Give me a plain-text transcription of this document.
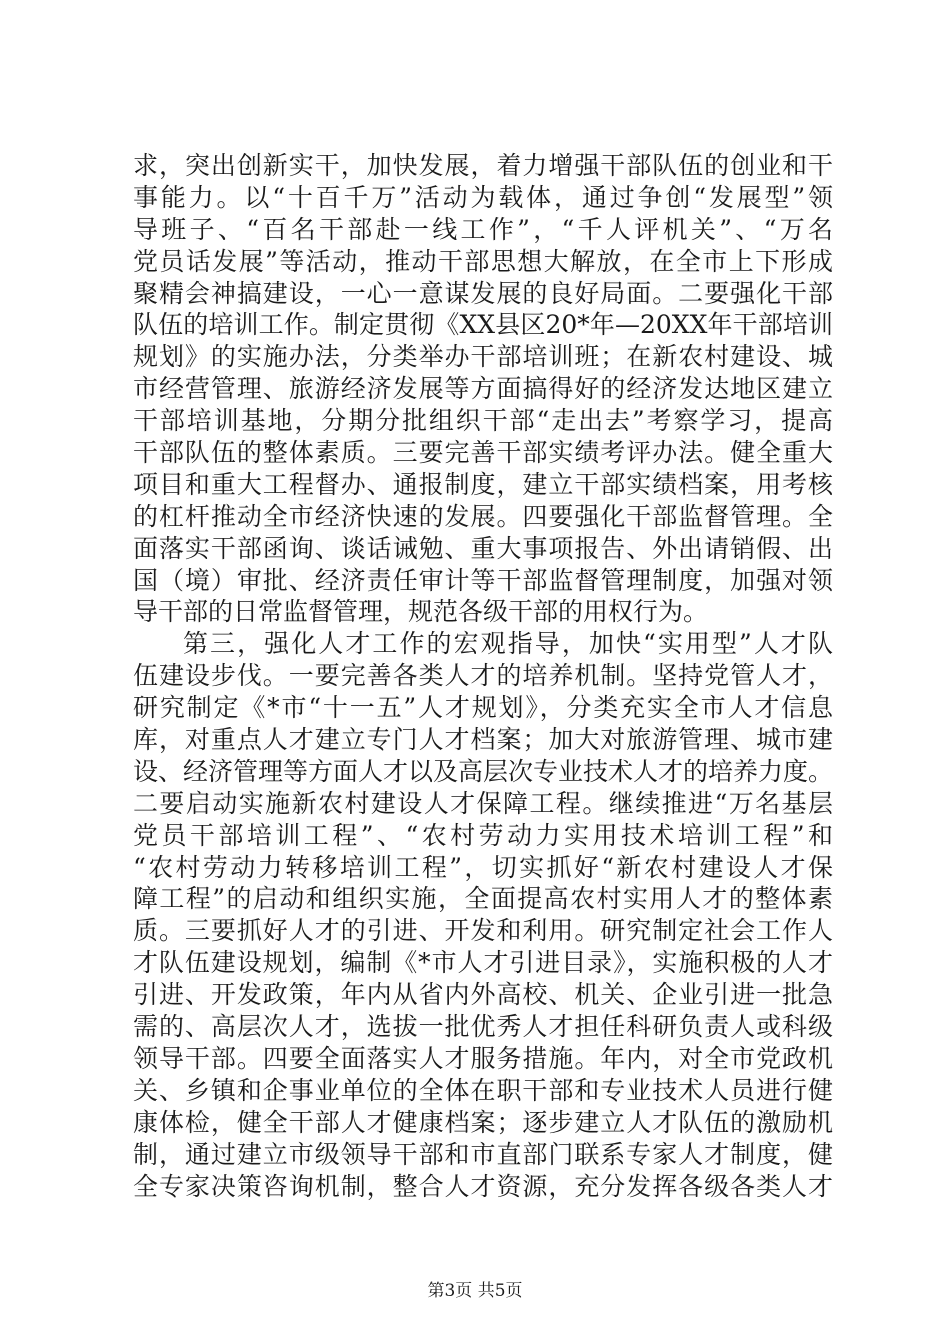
求，突出创新实干，加快发展，着力增强干部队伍的创业和干
事能力。以“十百千万”活动为载体，通过争创“发展型”领
导班子、“百名干部赴一线工作”，“千人评机关”、“万名
党员话发展”等活动，推动干部思想大解放，在全市上下形成
聚精会神搞建设，一心一意谋发展的良好局面。二要强化干部
队伍的培训工作。制定贯彻《XX县区20*年—20XX年干部培训
规划》的实施办法，分类举办干部培训班；在新农村建设、城
市经营管理、旅游经济发展等方面搞得好的经济发达地区建立
干部培训基地，分期分批组织干部“走出去”考察学习，提高
干部队伍的整体素质。三要完善干部实绩考评办法。健全重大
项目和重大工程督办、通报制度，建立干部实绩档案，用考核
的杠杆推动全市经济快速的发展。四要强化干部监督管理。全
面落实干部函询、谈话诫勉、重大事项报告、外出请销假、出
国（境）审批、经济责任审计等干部监督管理制度，加强对领
导干部的日常监督管理，规范各级干部的用权行为。
第三，强化人才工作的宏观指导，加快“实用型”人才队
伍建设步伐。一要完善各类人才的培养机制。坚持党管人才，
研究制定《*市“十一五”人才规划》，分类充实全市人才信息
库，对重点人才建立专门人才档案；加大对旅游管理、城市建
设、经济管理等方面人才以及高层次专业技术人才的培养力度。
二要启动实施新农村建设人才保障工程。继续推进“万名基层
党员干部培训工程”、“农村劳动力实用技术培训工程”和
“农村劳动力转移培训工程”，切实抓好“新农村建设人才保
障工程”的启动和组织实施，全面提高农村实用人才的整体素
质。三要抓好人才的引进、开发和利用。研究制定社会工作人
才队伍建设规划，编制《*市人才引进目录》，实施积极的人才
引进、开发政策，年内从省内外高校、机关、企业引进一批急
需的、高层次人才，选拔一批优秀人才担任科研负责人或科级
领导干部。四要全面落实人才服务措施。年内，对全市党政机
关、乡镇和企事业单位的全体在职干部和专业技术人员进行健
康体检，健全干部人才健康档案；逐步建立人才队伍的激励机
制，通过建立市级领导干部和市直部门联系专家人才制度，健
全专家决策咨询机制，整合人才资源，充分发挥各级各类人才
第3页 共5页
